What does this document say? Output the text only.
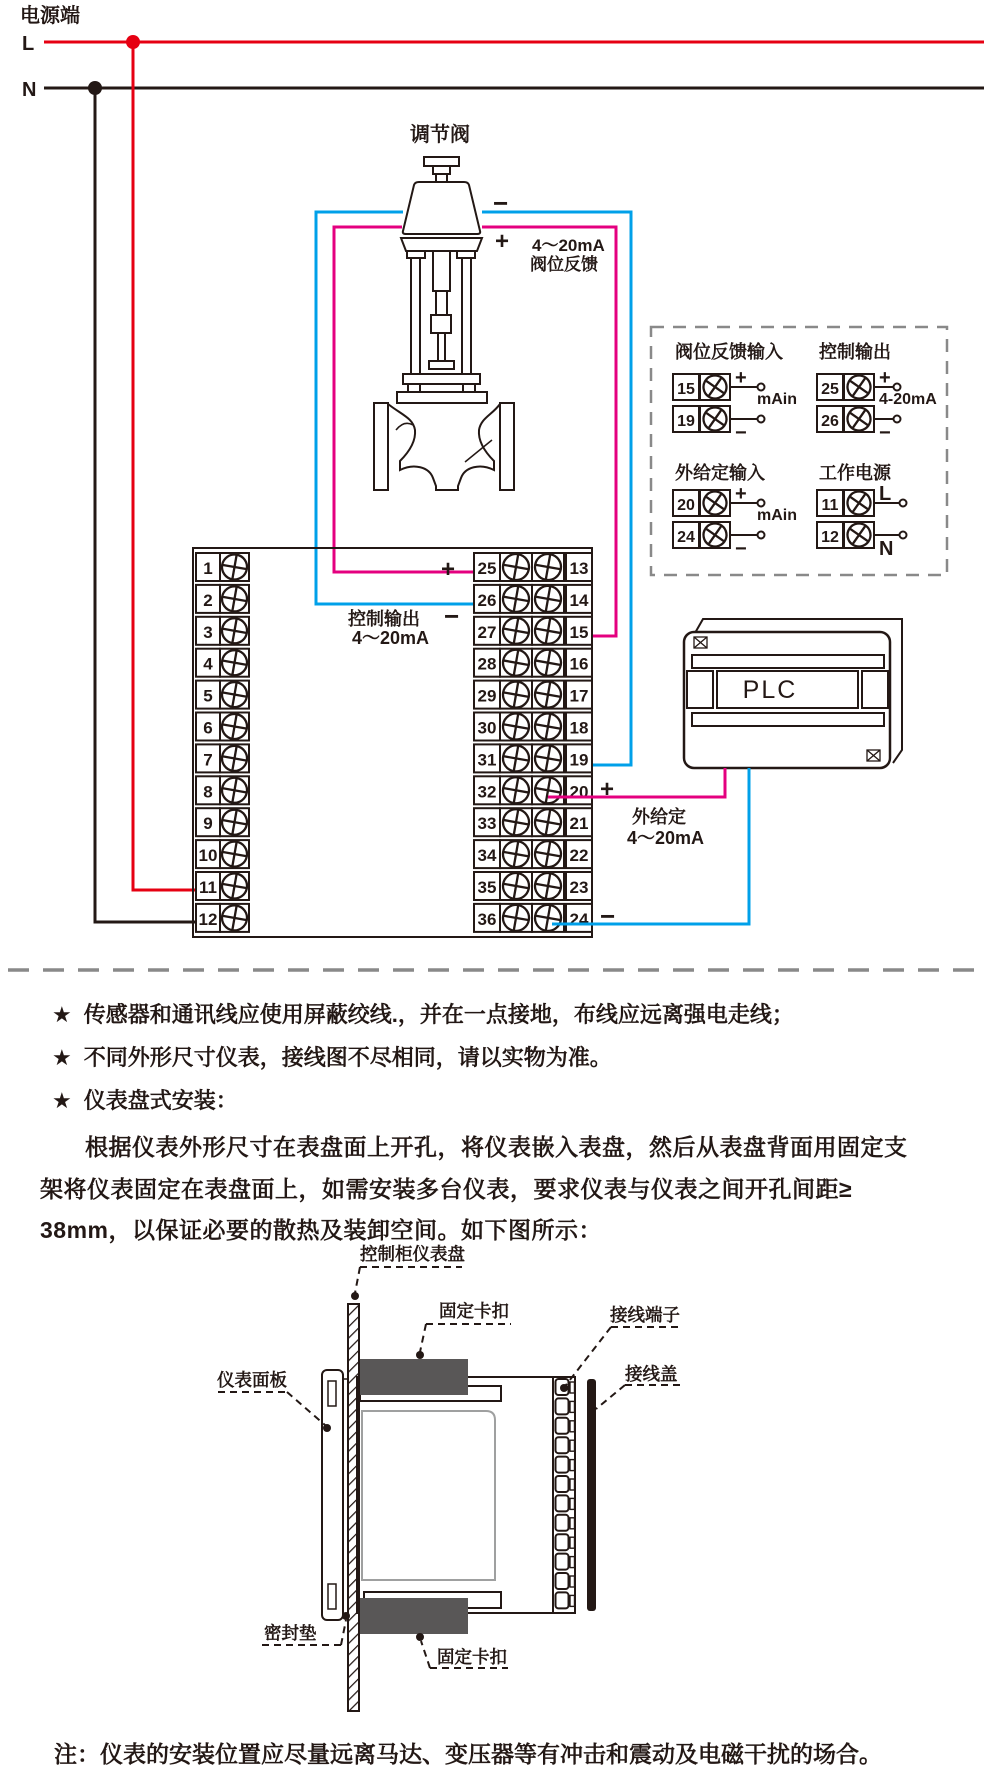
电源端
L
N
调节阀
−
+ 4～20mA
阀位反馈
阀位反馈输入
15
+
19
−
mAin
控制输出
25
+
26
−
4-20mA
外给定输入
20
+
24
−
mAin
工作电源
11
L
12
N
1	25	13
2	26	14
3	27	15
4	28	16
5	29	17
6	30	18
7	31	19
8	32	20
9	33	21
10	34	22
11	35	23
12	36	24
+
−
控制输出
4～20mA
PLC
+
−
外给定
4～20mA
★ 传感器和通讯线应使用屏蔽绞线.，并在一点接地，布线应远离强电走线；
★ 不同外形尺寸仪表，接线图不尽相同，请以实物为准。
★ 仪表盘式安装：
根据仪表外形尺寸在表盘面上开孔，将仪表嵌入表盘，然后从表盘背面用固定支
架将仪表固定在表盘面上，如需安装多台仪表，要求仪表与仪表之间开孔间距≥
38mm，以保证必要的散热及装卸空间。如下图所示：
控制柜仪表盘
固定卡扣	接线端子
接线盖
仪表面板
密封垫
固定卡扣
注：仪表的安装位置应尽量远离马达、变压器等有冲击和震动及电磁干扰的场合。
